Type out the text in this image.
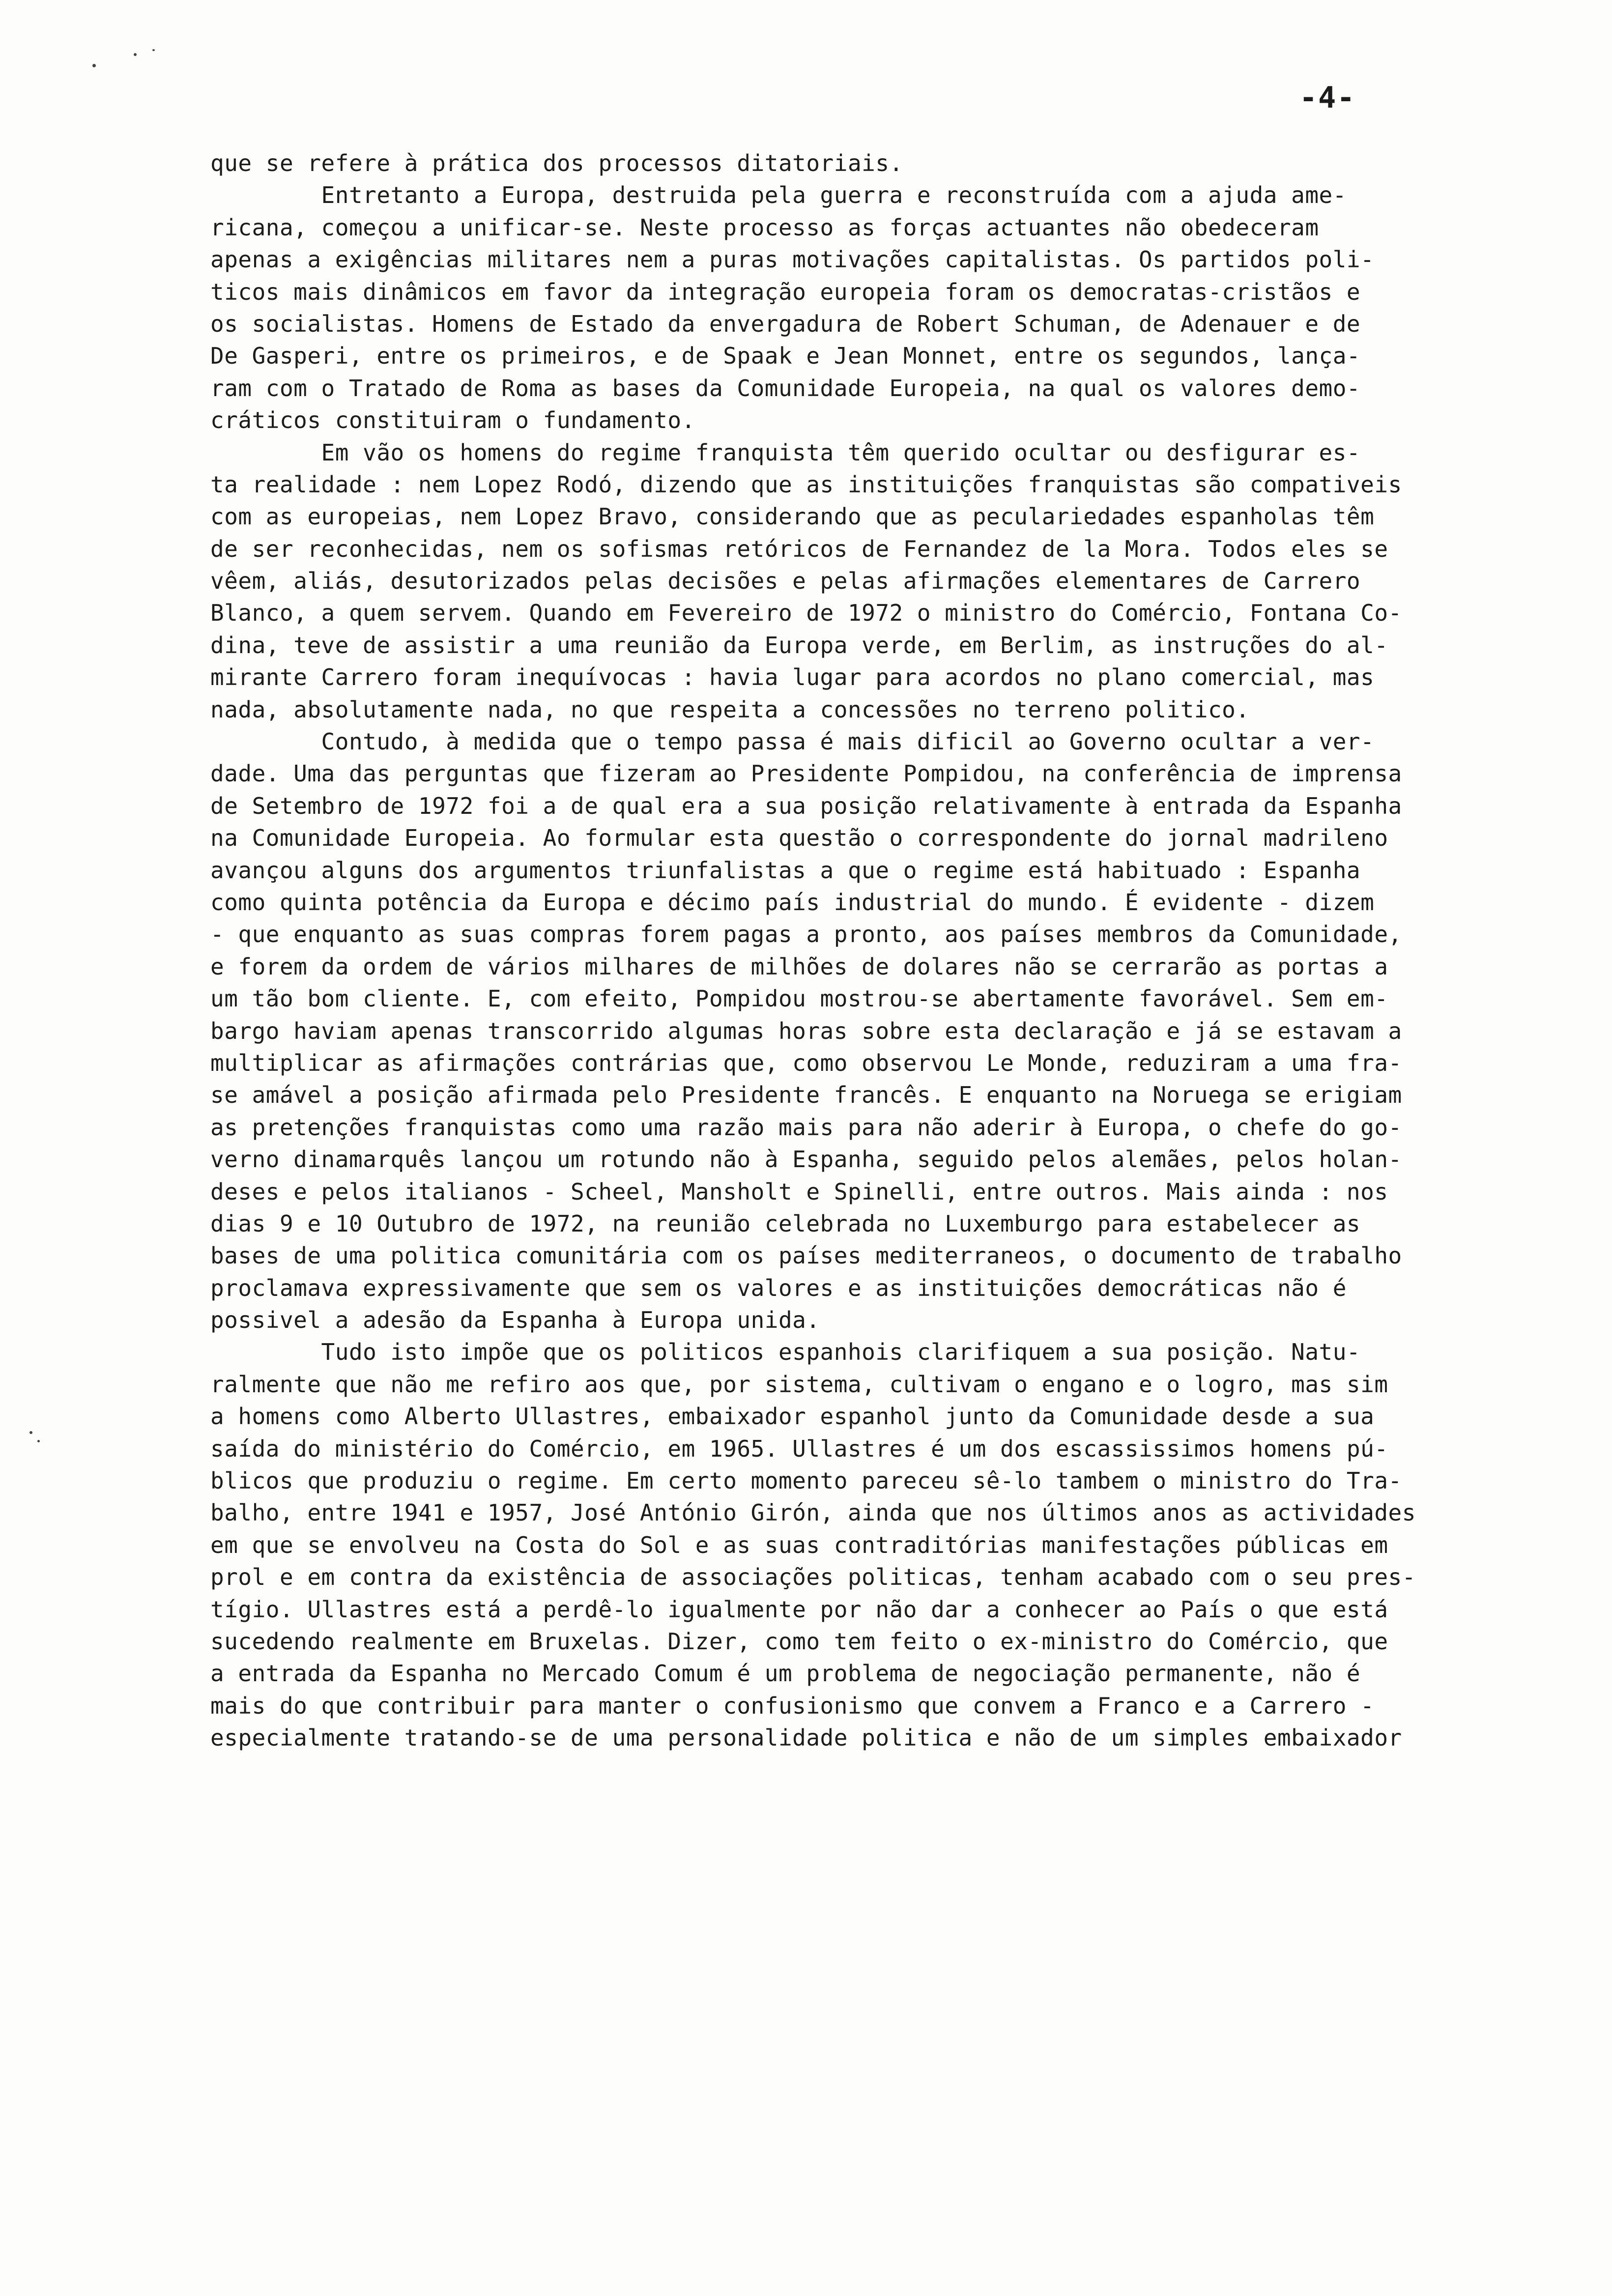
-4-
que se refere à prática dos processos ditatoriais.
Entretanto a Europa, destruida pela guerra e reconstruída com a ajuda ame-
ricana, começou a unificar-se. Neste processo as forças actuantes não obedeceram
apenas a exigências militares nem a puras motivações capitalistas. Os partidos poli-
ticos mais dinâmicos em favor da integração europeia foram os democratas-cristãos e
os socialistas. Homens de Estado da envergadura de Robert Schuman, de Adenauer e de
De Gasperi, entre os primeiros, e de Spaak e Jean Monnet, entre os segundos, lança-
ram com o Tratado de Roma as bases da Comunidade Europeia, na qual os valores demo-
cráticos constituiram o fundamento.
Em vão os homens do regime franquista têm querido ocultar ou desfigurar es-
ta realidade : nem Lopez Rodó, dizendo que as instituições franquistas são compativeis
com as europeias, nem Lopez Bravo, considerando que as peculariedades espanholas têm
de ser reconhecidas, nem os sofismas retóricos de Fernandez de la Mora. Todos eles se
vêem, aliás, desutorizados pelas decisões e pelas afirmações elementares de Carrero
Blanco, a quem servem. Quando em Fevereiro de 1972 o ministro do Comércio, Fontana Co-
dina, teve de assistir a uma reunião da Europa verde, em Berlim, as instruções do al-
mirante Carrero foram inequívocas : havia lugar para acordos no plano comercial, mas
nada, absolutamente nada, no que respeita a concessões no terreno politico.
Contudo, à medida que o tempo passa é mais dificil ao Governo ocultar a ver-
dade. Uma das perguntas que fizeram ao Presidente Pompidou, na conferência de imprensa
de Setembro de 1972 foi a de qual era a sua posição relativamente à entrada da Espanha
na Comunidade Europeia. Ao formular esta questão o correspondente do jornal madrileno
avançou alguns dos argumentos triunfalistas a que o regime está habituado : Espanha
como quinta potência da Europa e décimo país industrial do mundo. É evidente - dizem
- que enquanto as suas compras forem pagas a pronto, aos países membros da Comunidade,
e forem da ordem de vários milhares de milhões de dolares não se cerrarão as portas a
um tão bom cliente. E, com efeito, Pompidou mostrou-se abertamente favorável. Sem em-
bargo haviam apenas transcorrido algumas horas sobre esta declaração e já se estavam a
multiplicar as afirmações contrárias que, como observou Le Monde, reduziram a uma fra-
se amável a posição afirmada pelo Presidente francês. E enquanto na Noruega se erigiam
as pretenções franquistas como uma razão mais para não aderir à Europa, o chefe do go-
verno dinamarquês lançou um rotundo não à Espanha, seguido pelos alemães, pelos holan-
deses e pelos italianos - Scheel, Mansholt e Spinelli, entre outros. Mais ainda : nos
dias 9 e 10 Outubro de 1972, na reunião celebrada no Luxemburgo para estabelecer as
bases de uma politica comunitária com os países mediterraneos, o documento de trabalho
proclamava expressivamente que sem os valores e as instituições democráticas não é
possivel a adesão da Espanha à Europa unida.
Tudo isto impõe que os politicos espanhois clarifiquem a sua posição. Natu-
ralmente que não me refiro aos que, por sistema, cultivam o engano e o logro, mas sim
a homens como Alberto Ullastres, embaixador espanhol junto da Comunidade desde a sua
saída do ministério do Comércio, em 1965. Ullastres é um dos escassissimos homens pú-
blicos que produziu o regime. Em certo momento pareceu sê-lo tambem o ministro do Tra-
balho, entre 1941 e 1957, José António Girón, ainda que nos últimos anos as actividades
em que se envolveu na Costa do Sol e as suas contraditórias manifestações públicas em
prol e em contra da existência de associações politicas, tenham acabado com o seu pres-
tígio. Ullastres está a perdê-lo igualmente por não dar a conhecer ao País o que está
sucedendo realmente em Bruxelas. Dizer, como tem feito o ex-ministro do Comércio, que
a entrada da Espanha no Mercado Comum é um problema de negociação permanente, não é
mais do que contribuir para manter o confusionismo que convem a Franco e a Carrero -
especialmente tratando-se de uma personalidade politica e não de um simples embaixador
